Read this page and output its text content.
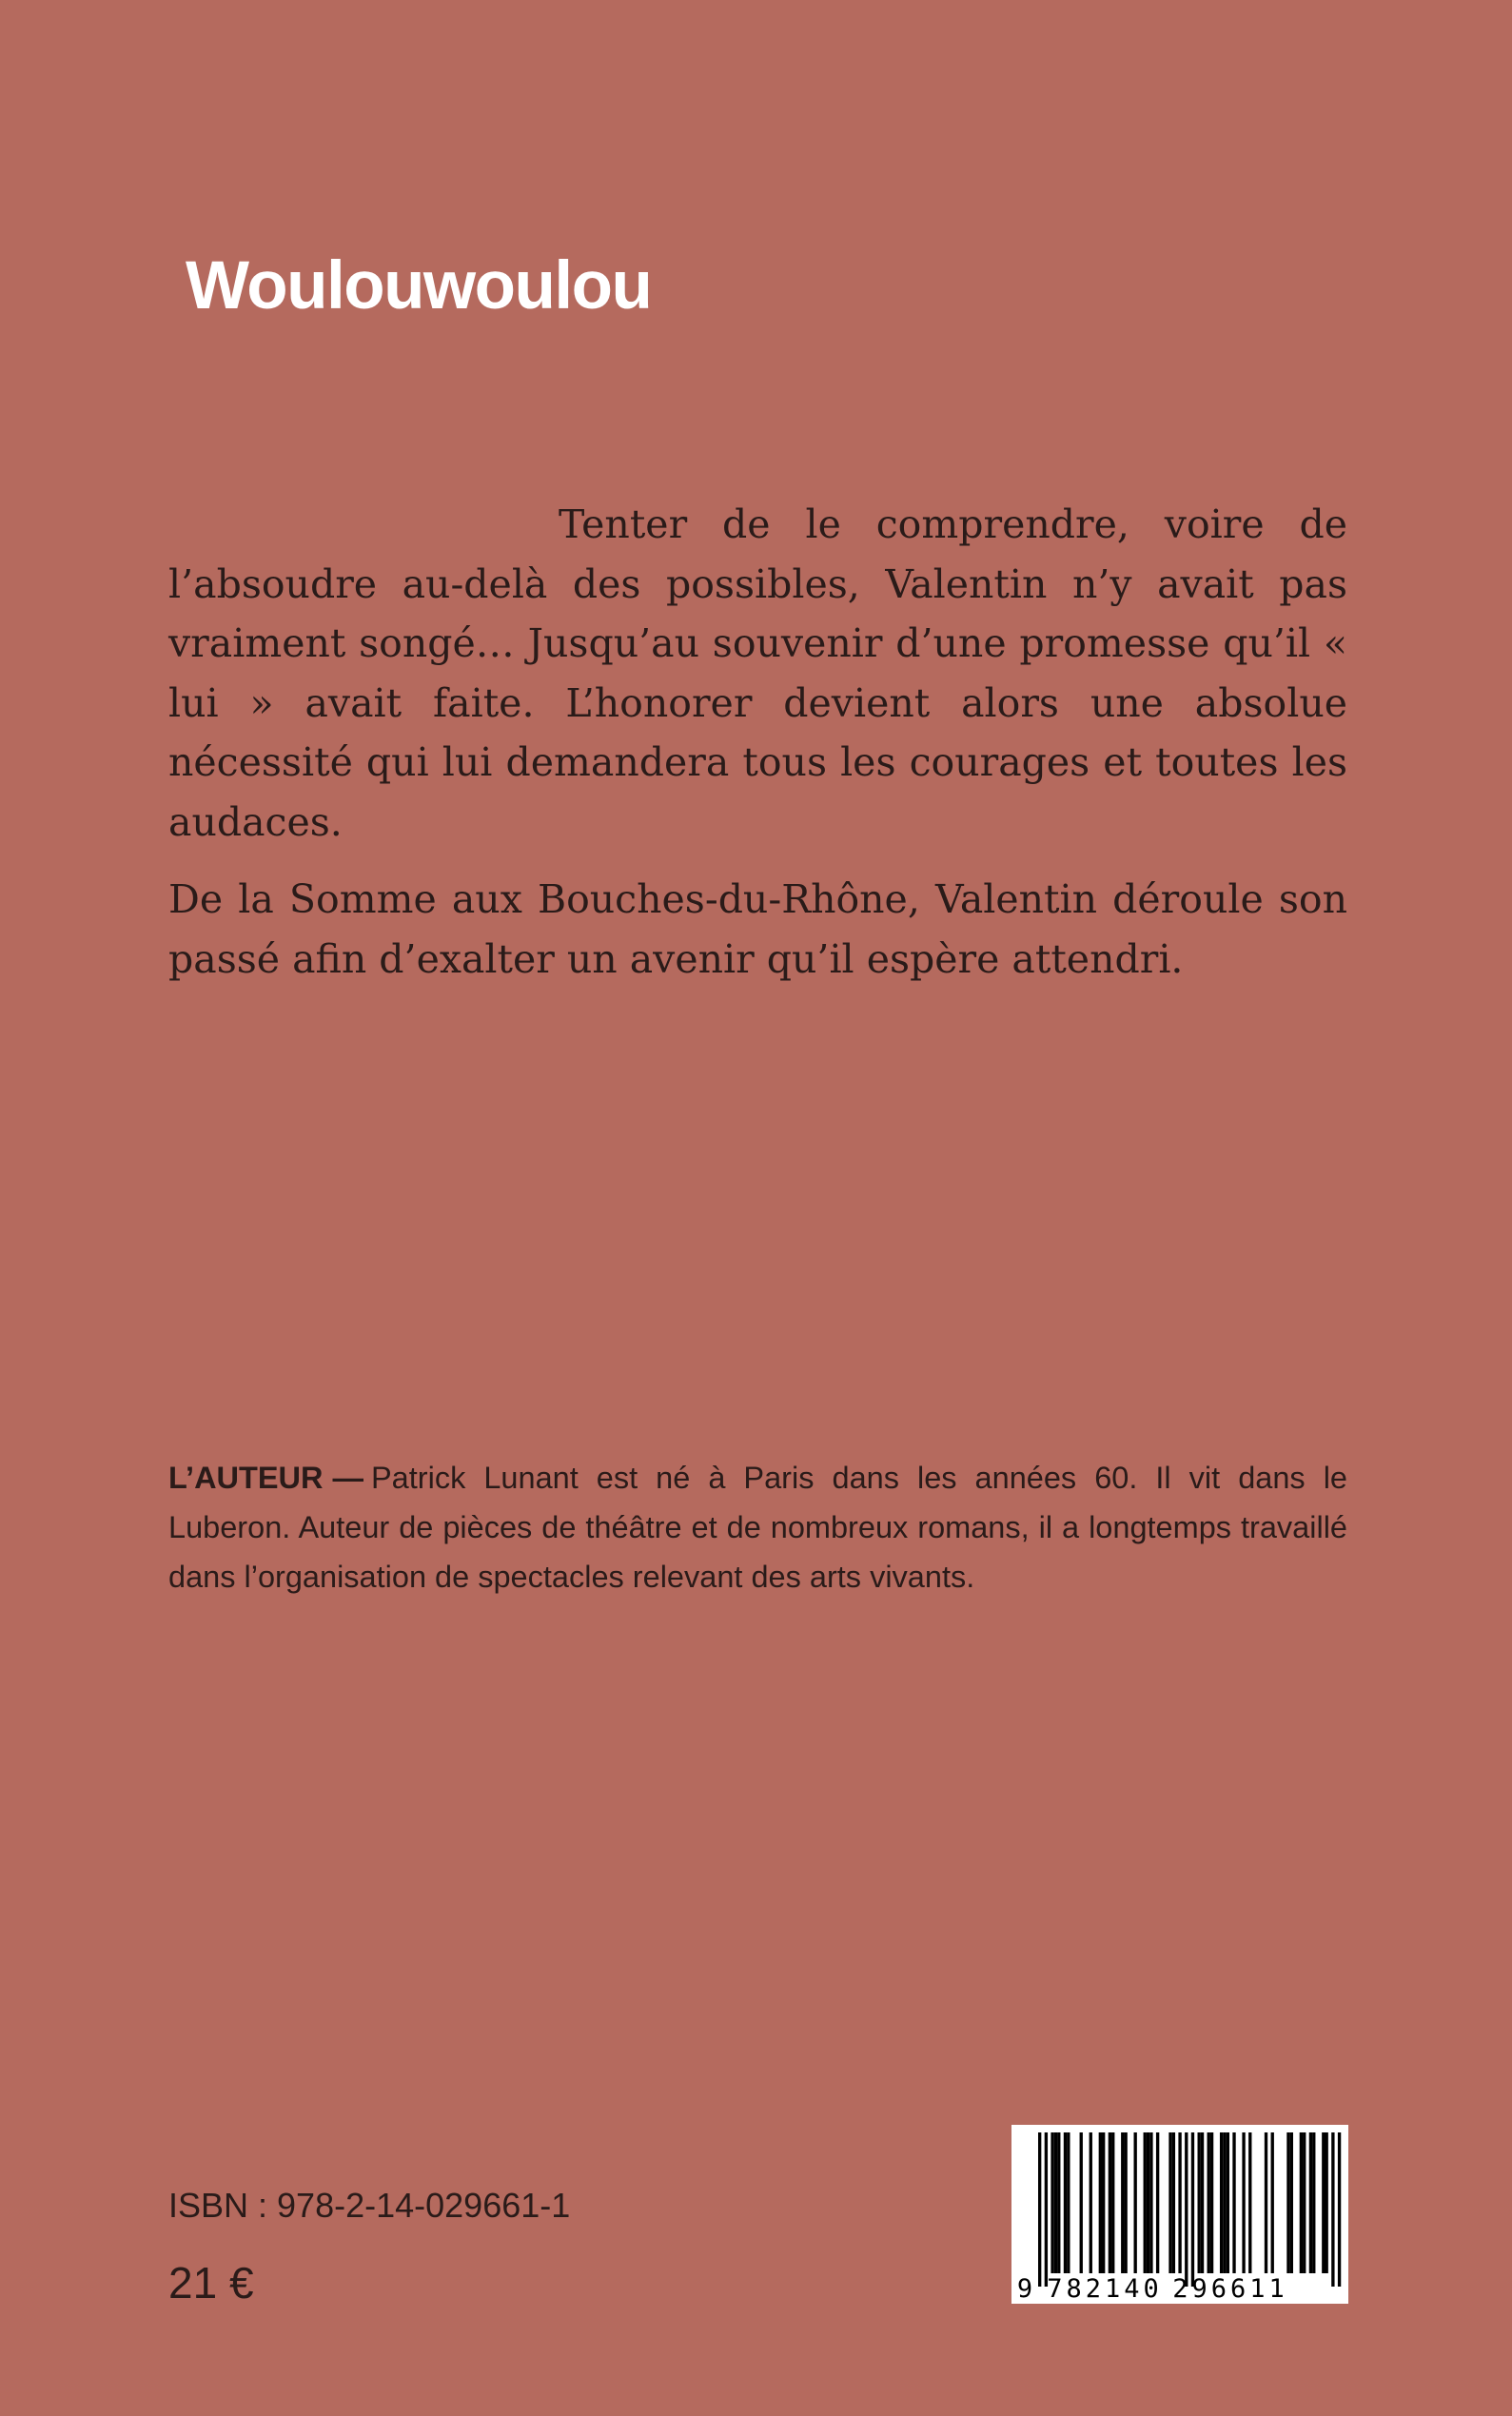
Woulouwoulou

Tenter de le comprendre, voire de l’absoudre au-delà des possibles, Valentin n’y avait pas vraiment songé… Jusqu’au souvenir d’une promesse qu’il « lui » avait faite. L’honorer devient alors une absolue nécessité qui lui demandera tous les courages et toutes les audaces.

De la Somme aux Bouches-du-Rhône, Valentin déroule son passé afin d’exalter un avenir qu’il espère attendri.

L’AUTEUR — Patrick Lunant est né à Paris dans les années 60. Il vit dans le Luberon. Auteur de pièces de théâtre et de nombreux romans, il a longtemps travaillé dans l’organisation de spectacles relevant des arts vivants.

ISBN : 978-2-14-029661-1
21 €	9 782140 296611
